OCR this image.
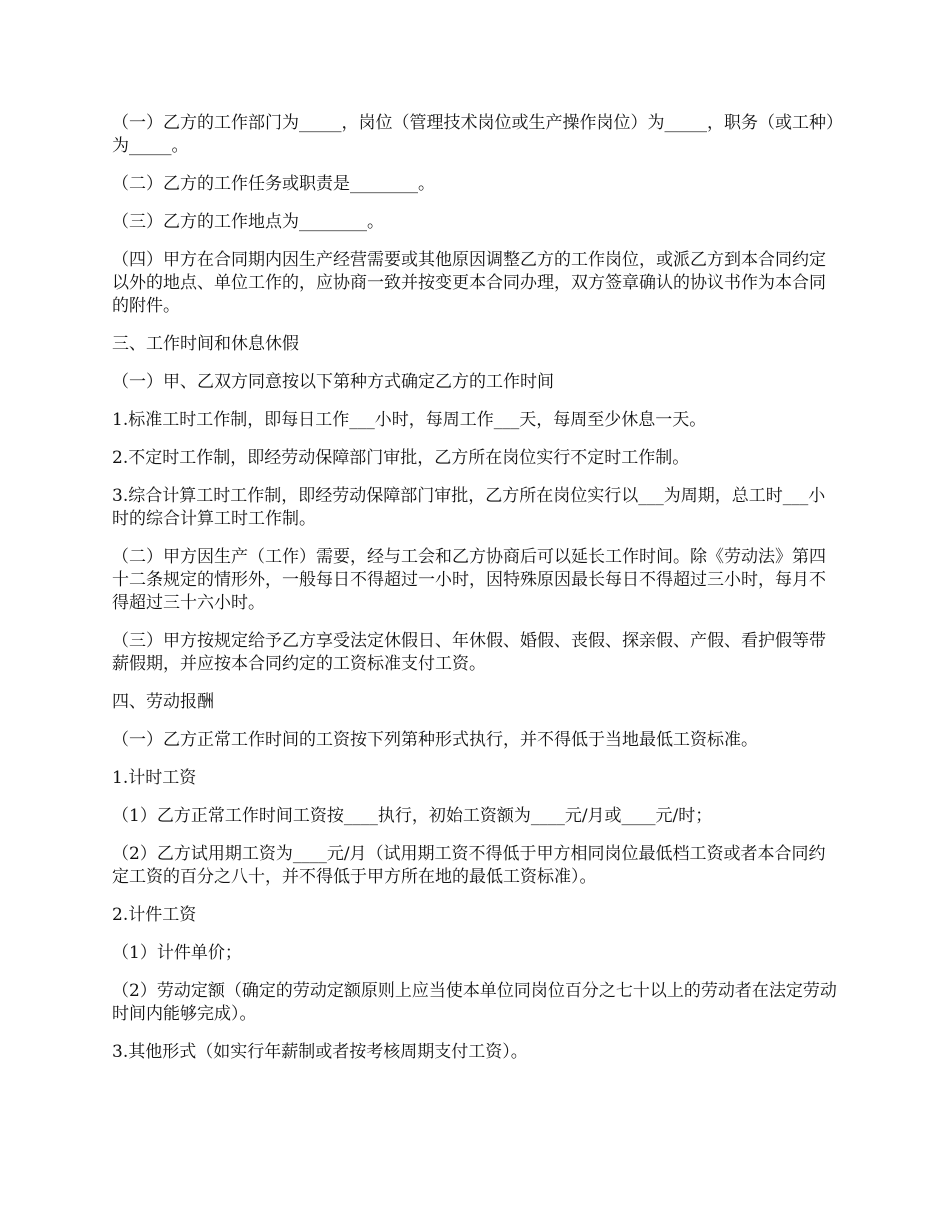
（一）乙方的工作部门为_____，岗位（管理技术岗位或生产操作岗位）为_____，职务（或工种）为_____。

（二）乙方的工作任务或职责是________。

（三）乙方的工作地点为________。

（四）甲方在合同期内因生产经营需要或其他原因调整乙方的工作岗位，或派乙方到本合同约定以外的地点、单位工作的，应协商一致并按变更本合同办理，双方签章确认的协议书作为本合同的附件。

三、工作时间和休息休假

（一）甲、乙双方同意按以下第种方式确定乙方的工作时间

1.标准工时工作制，即每日工作___小时，每周工作___天，每周至少休息一天。

2.不定时工作制，即经劳动保障部门审批，乙方所在岗位实行不定时工作制。

3.综合计算工时工作制，即经劳动保障部门审批，乙方所在岗位实行以___为周期，总工时___小时的综合计算工时工作制。

（二）甲方因生产（工作）需要，经与工会和乙方协商后可以延长工作时间。除《劳动法》第四十二条规定的情形外，一般每日不得超过一小时，因特殊原因最长每日不得超过三小时，每月不得超过三十六小时。

（三）甲方按规定给予乙方享受法定休假日、年休假、婚假、丧假、探亲假、产假、看护假等带薪假期，并应按本合同约定的工资标准支付工资。

四、劳动报酬

（一）乙方正常工作时间的工资按下列第种形式执行，并不得低于当地最低工资标准。

1.计时工资

（1）乙方正常工作时间工资按____执行，初始工资额为____元/月或____元/时；

（2）乙方试用期工资为____元/月（试用期工资不得低于甲方相同岗位最低档工资或者本合同约定工资的百分之八十，并不得低于甲方所在地的最低工资标准）。

2.计件工资

（1）计件单价；

（2）劳动定额（确定的劳动定额原则上应当使本单位同岗位百分之七十以上的劳动者在法定劳动时间内能够完成）。

3.其他形式（如实行年薪制或者按考核周期支付工资）。
